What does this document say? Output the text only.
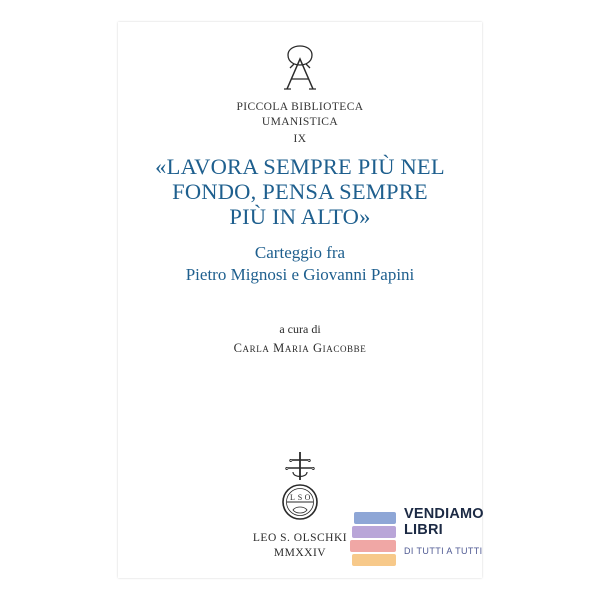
PICCOLA BIBLIOTECA
UMANISTICA
IX
«LAVORA SEMPRE PIÙ NEL
FONDO, PENSA SEMPRE
PIÙ IN ALTO»
Carteggio fra
Pietro Mignosi e Giovanni Papini
a cura di
Carla Maria Giacobbe
L S O
LEO S. OLSCHKI
MMXXIV
VENDIAMO
LIBRI
DI TUTTI A TUTTI
